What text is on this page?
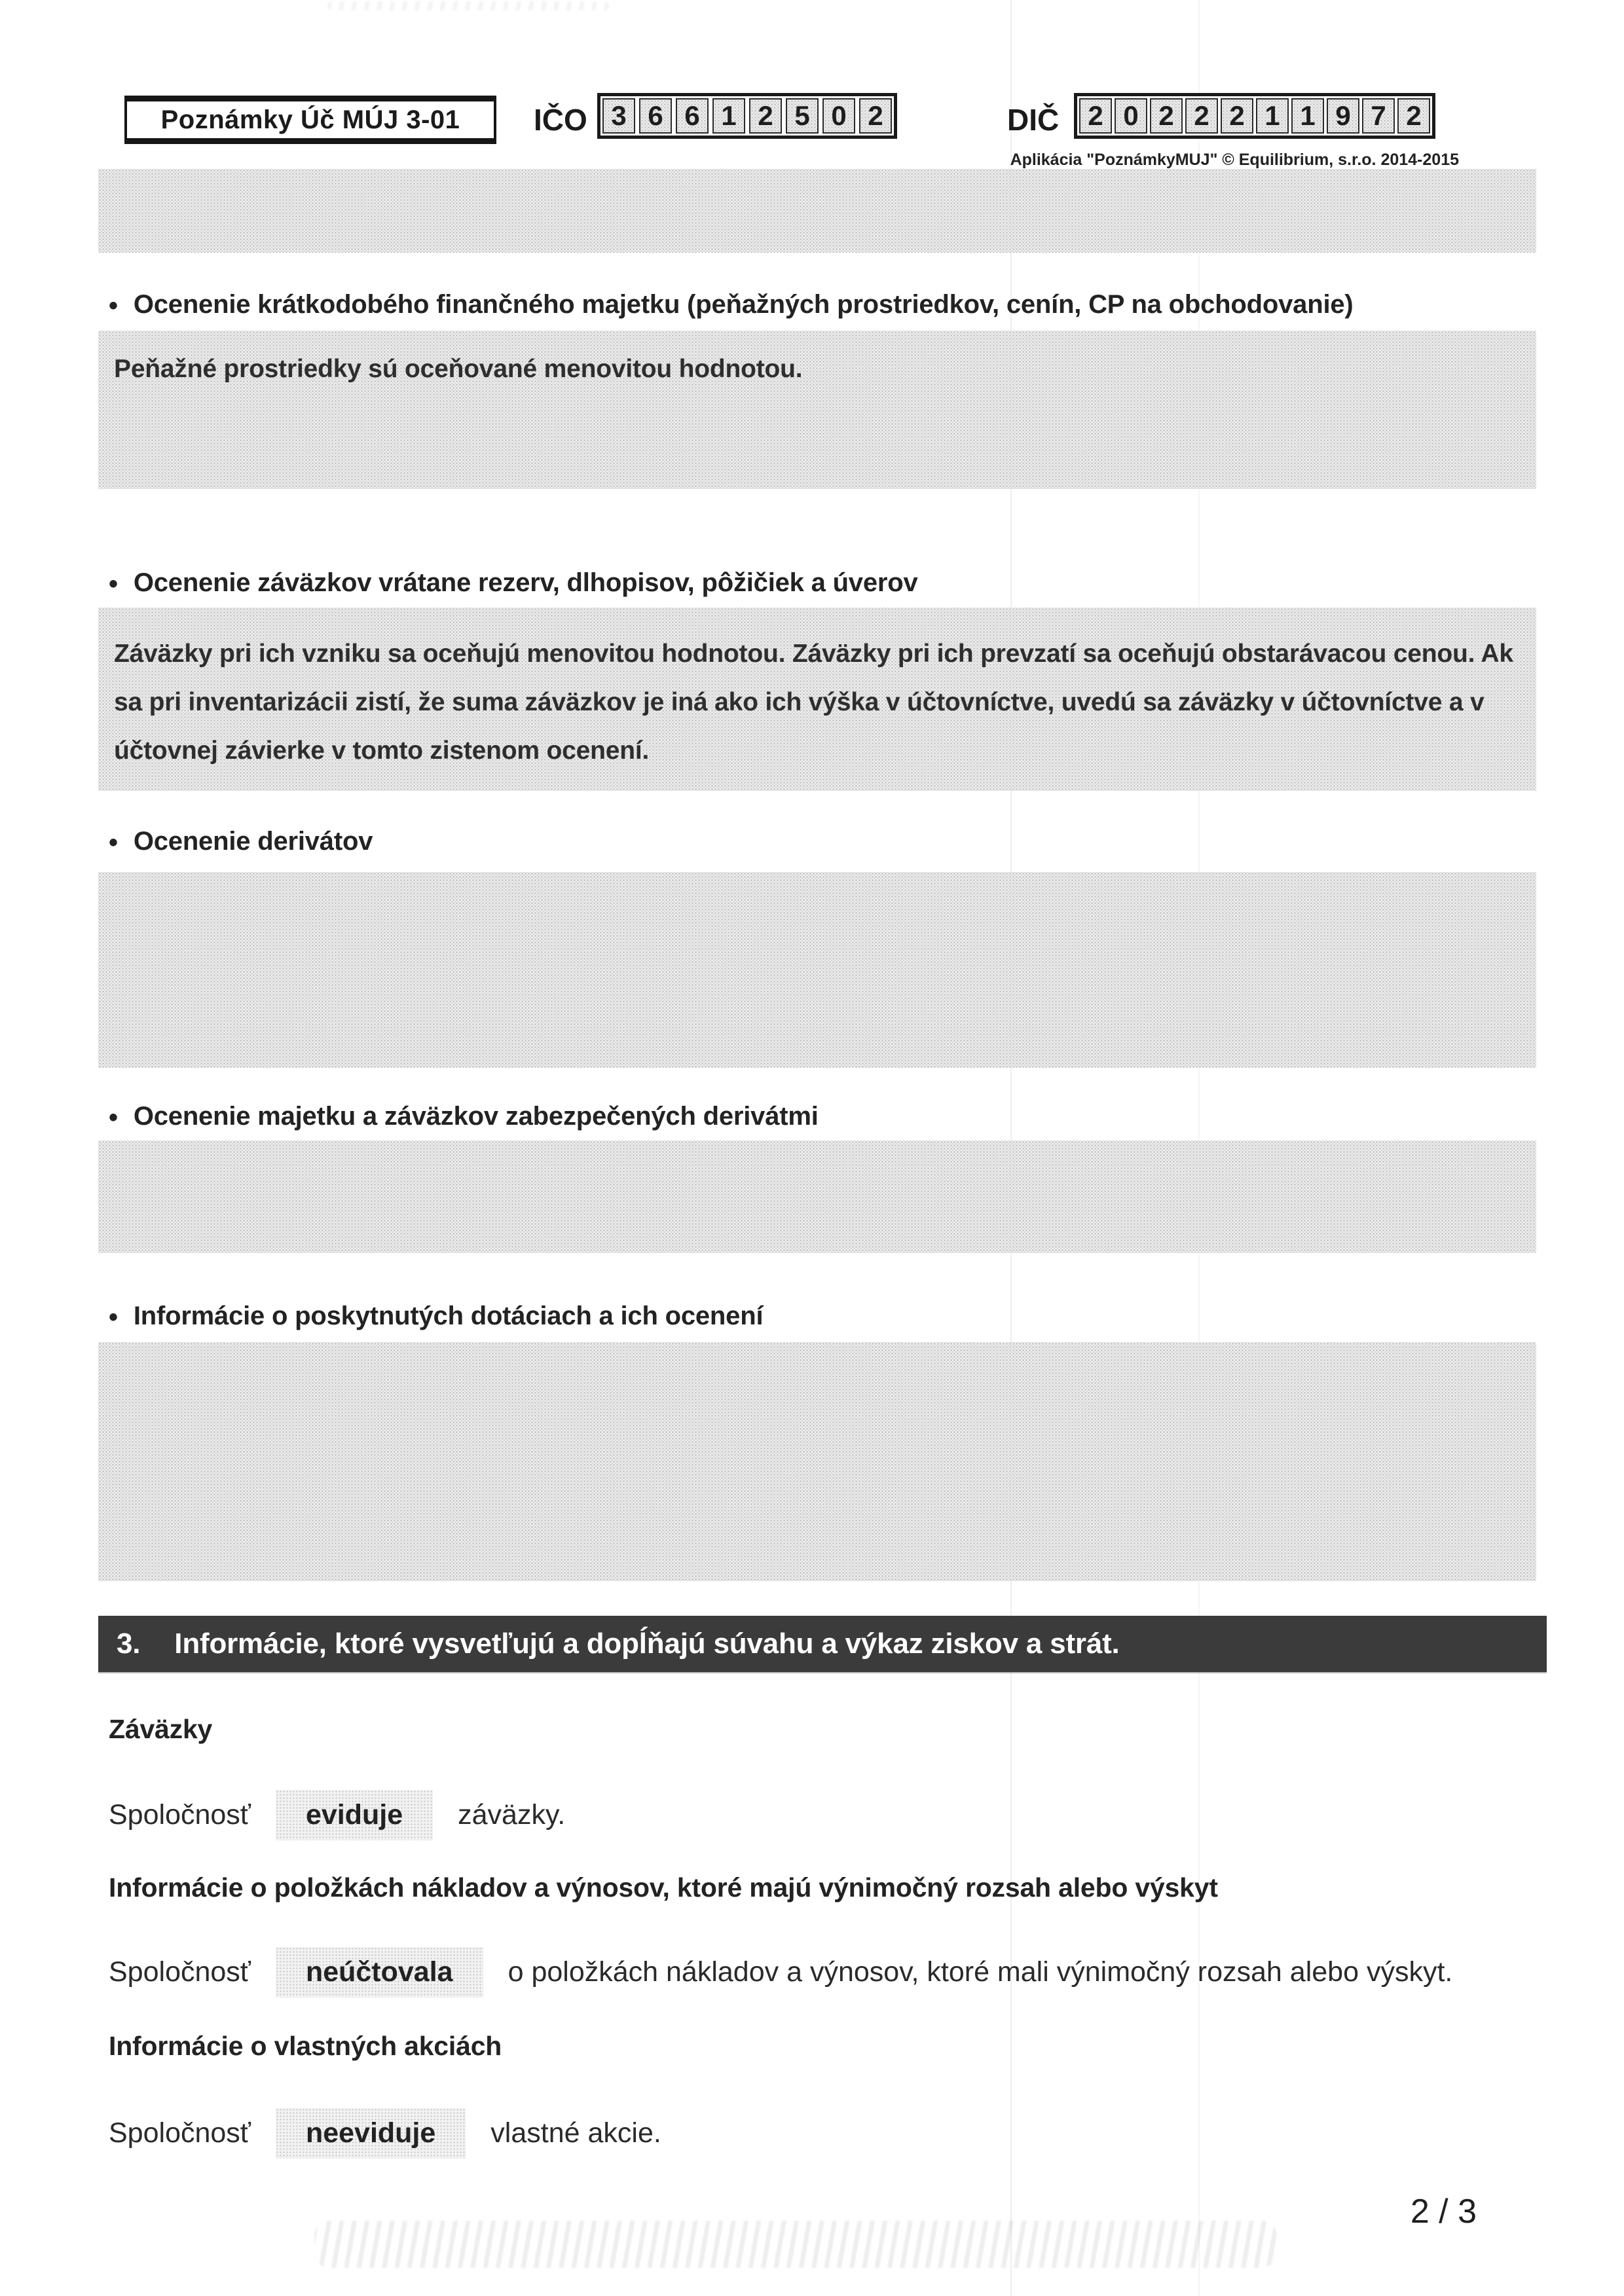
Poznámky Úč MÚJ 3-01 IČO 3 6 6 1 2 5 0 2	DIČ	2 0 2 2 2 1 1 9 7 2
Aplikácia "PoznámkyMUJ" © Equilibrium, s.r.o. 2014-2015
• Ocenenie krátkodobého finančného majetku (peňažných prostriedkov, cenín, CP na obchodovanie)
Peňažné prostriedky sú oceňované menovitou hodnotou.
• Ocenenie záväzkov vrátane rezerv, dlhopisov, pôžičiek a úverov
Záväzky pri ich vzniku sa oceňujú menovitou hodnotou. Záväzky pri ich prevzatí sa oceňujú obstarávacou cenou. Ak sa pri inventarizácii zistí, že suma záväzkov je iná ako ich výška v účtovníctve, uvedú sa záväzky v účtovníctve a v účtovnej závierke v tomto zistenom ocenení.
• Ocenenie derivátov
• Ocenenie majetku a záväzkov zabezpečených derivátmi
• Informácie o poskytnutých dotáciach a ich ocenení
3. Informácie, ktoré vysvetľujú a dopĺňajú súvahu a výkaz ziskov a strát.
Záväzky
Spoločnosť	eviduje	záväzky.
Informácie o položkách nákladov a výnosov, ktoré majú výnimočný rozsah alebo výskyt
Spoločnosť	neúčtovala	o položkách nákladov a výnosov, ktoré mali výnimočný rozsah alebo výskyt.
Informácie o vlastných akciách
Spoločnosť	neeviduje	vlastné akcie.
2 / 3
